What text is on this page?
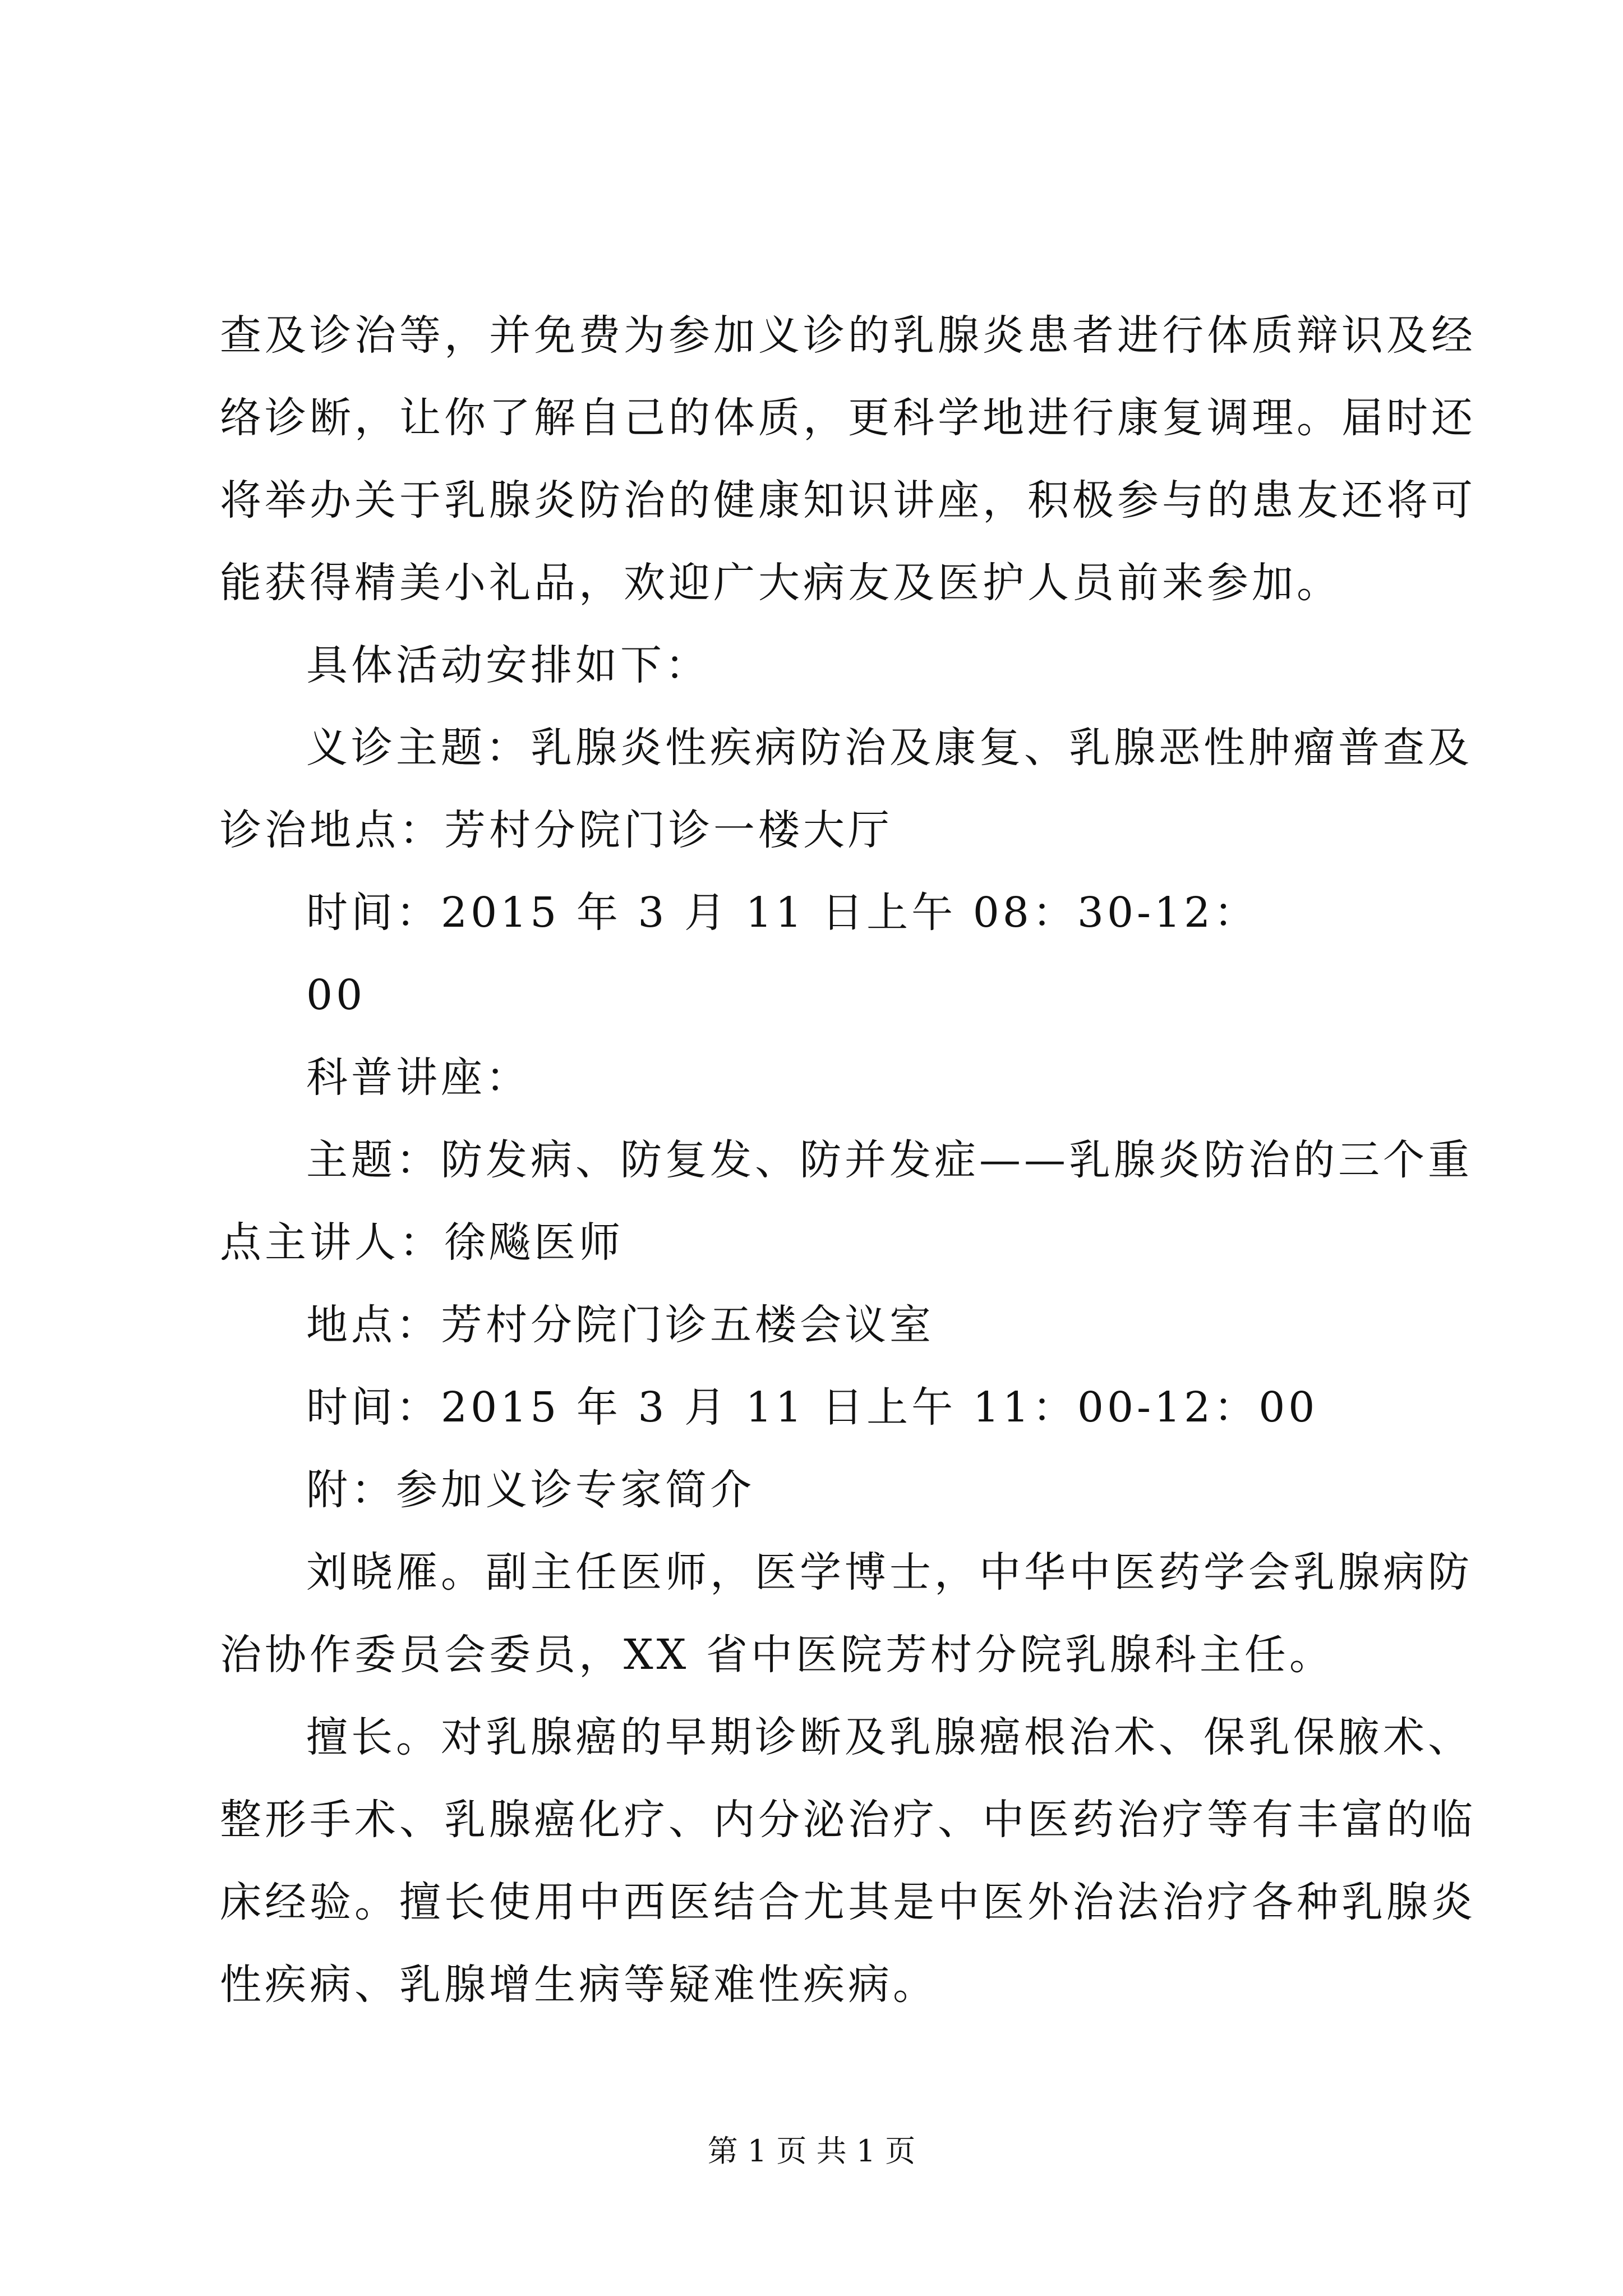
查及诊治等，并免费为参加义诊的乳腺炎患者进行体质辩识及经
络诊断，让你了解自己的体质，更科学地进行康复调理。届时还
将举办关于乳腺炎防治的健康知识讲座，积极参与的患友还将可
能获得精美小礼品，欢迎广大病友及医护人员前来参加。
具体活动安排如下：
义诊主题：乳腺炎性疾病防治及康复、乳腺恶性肿瘤普查及
诊治地点：芳村分院门诊一楼大厅
时间：2015 年 3 月 11 日上午 08：30-12：
00
科普讲座：
主题：防发病、防复发、防并发症——乳腺炎防治的三个重
点主讲人：徐飚医师
地点：芳村分院门诊五楼会议室
时间：2015 年 3 月 11 日上午 11：00-12：00
附：参加义诊专家简介
刘晓雁。副主任医师，医学博士，中华中医药学会乳腺病防
治协作委员会委员，XX 省中医院芳村分院乳腺科主任。
擅长。对乳腺癌的早期诊断及乳腺癌根治术、保乳保腋术、
整形手术、乳腺癌化疗、内分泌治疗、中医药治疗等有丰富的临
床经验。擅长使用中西医结合尤其是中医外治法治疗各种乳腺炎
性疾病、乳腺增生病等疑难性疾病。
第 1 页 共 1 页
